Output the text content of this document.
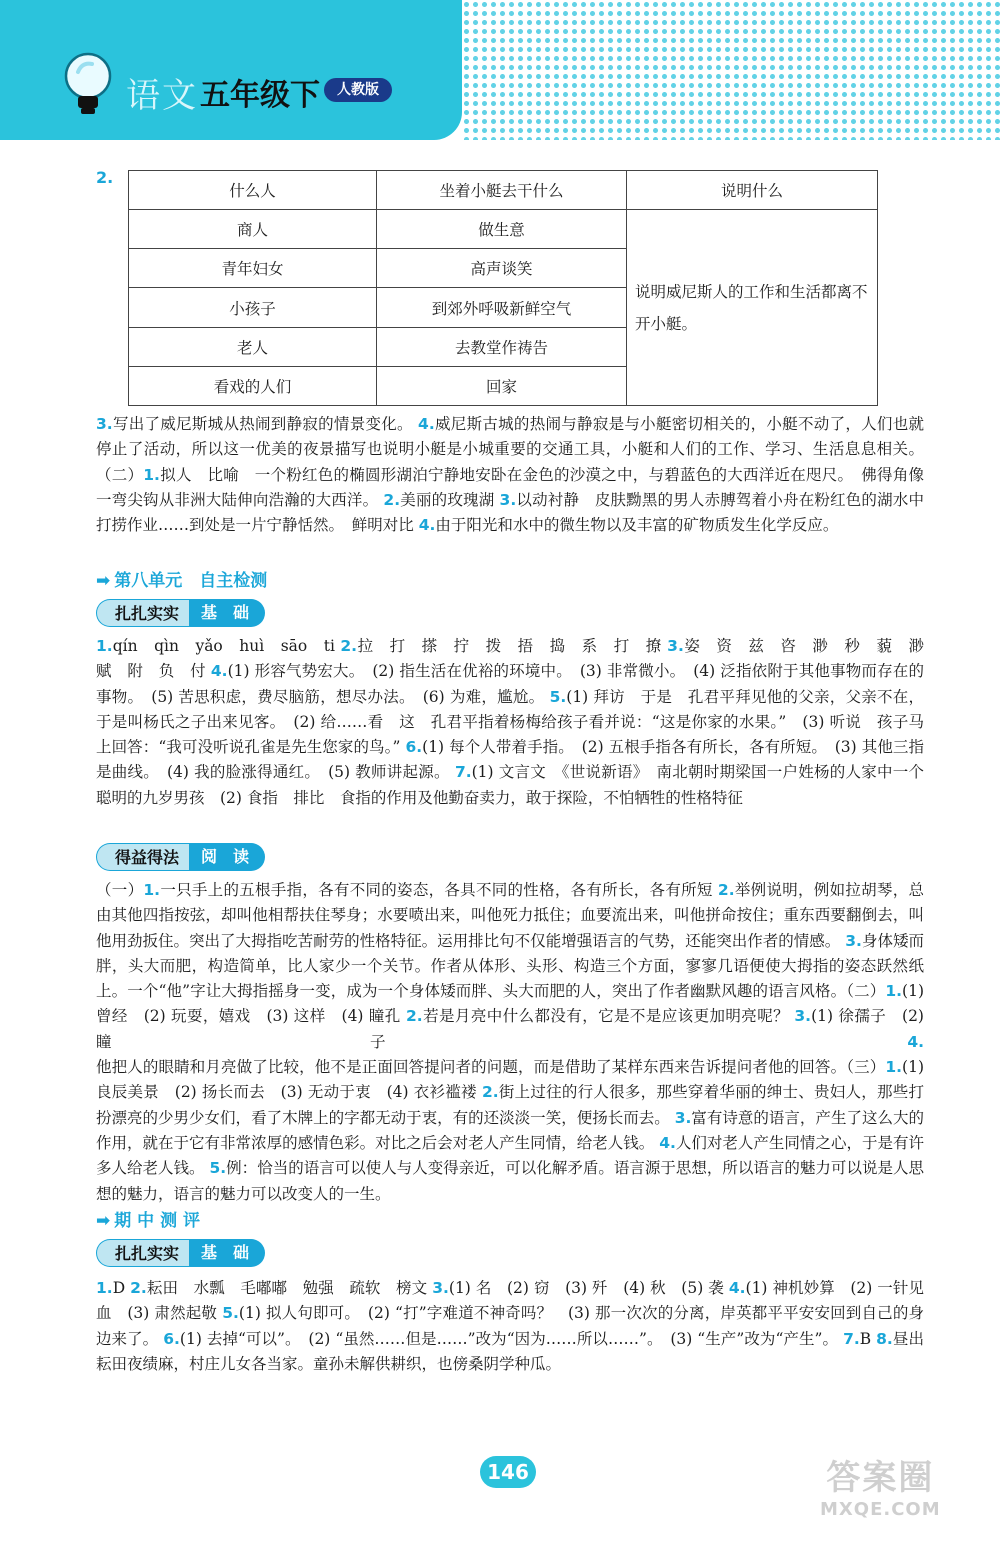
语文 五年级下	人教版
2.
什么人	坐着小艇去干什么	说明什么
商人	做生意	说明威尼斯人的工作和生活都离不开小艇。
青年妇女	高声谈笑	
小孩子	到郊外呼吸新鲜空气	
老人	去教堂作祷告	
看戏的人们	回家	
3.写出了威尼斯城从热闹到静寂的情景变化。 4.威尼斯古城的热闹与静寂是与小艇密切相关的，小艇不动了，人们也就停止了活动，所以这一优美的夜景描写也说明小艇是小城重要的交通工具，小艇和人们的工作、学习、生活息息相关。（二）1.拟人　比喻　一个粉红色的椭圆形湖泊宁静地安卧在金色的沙漠之中，与碧蓝色的大西洋近在咫尺。　佛得角像一弯尖钩从非洲大陆伸向浩瀚的大西洋。 2.美丽的玫瑰湖 3.以动衬静　皮肤黝黑的男人赤膊驾着小舟在粉红色的湖水中打捞作业……到处是一片宁静恬然。　鲜明对比 4.由于阳光和水中的微生物以及丰富的矿物质发生化学反应。
➡ 第八单元　自主检测
扎扎实实	基　础
1.qín　qìn　yǎo　huì　sāo　ti 2.拉　打　搽　拧　拨　捂　捣　系　打　撩 3.姿　资　兹　咨　渺　秒　藐　渺　赋　附　负　付 4.(1) 形容气势宏大。　(2) 指生活在优裕的环境中。　(3) 非常微小。　(4) 泛指依附于其他事物而存在的事物。　(5) 苦思积虑，费尽脑筋，想尽办法。　(6) 为难，尴尬。 5.(1) 拜访　于是　孔君平拜见他的父亲，父亲不在，于是叫杨氏之子出来见客。　(2) 给……看　这　孔君平指着杨梅给孩子看并说：“这是你家的水果。”　(3) 听说　孩子马上回答：“我可没听说孔雀是先生您家的鸟。” 6.(1) 每个人带着手指。　(2) 五根手指各有所长，各有所短。　(3) 其他三指是曲线。　(4) 我的脸涨得通红。　(5) 教师讲起源。 7.(1) 文言文　《世说新语》　南北朝时期梁国一户姓杨的人家中一个聪明的九岁男孩　(2) 食指　排比　食指的作用及他勤奋卖力，敢于探险，不怕牺牲的性格特征
得益得法	阅　读
（一）1.一只手上的五根手指，各有不同的姿态，各具不同的性格，各有所长，各有所短 2.举例说明，例如拉胡琴，总由其他四指按弦，却叫他相帮扶住琴身；水要喷出来，叫他死力抵住；血要流出来，叫他拼命按住；重东西要翻倒去，叫他用劲扳住。突出了大拇指吃苦耐劳的性格特征。运用排比句不仅能增强语言的气势，还能突出作者的情感。 3.身体矮而胖，头大而肥，构造简单，比人家少一个关节。作者从体形、头形、构造三个方面，寥寥几语便使大拇指的姿态跃然纸上。一个“他”字让大拇指摇身一变，成为一个身体矮而胖、头大而肥的人，突出了作者幽默风趣的语言风格。（二）1.(1) 曾经　(2) 玩耍，嬉戏　(3) 这样　(4) 瞳孔 2.若是月亮中什么都没有，它是不是应该更加明亮呢？ 3.(1) 徐孺子　(2) 瞳子	4.他把人的眼睛和月亮做了比较，他不是正面回答提问者的问题，而是借助了某样东西来告诉提问者他的回答。（三）1.(1) 良辰美景　(2) 扬长而去　(3) 无动于衷　(4) 衣衫褴褛 2.街上过往的行人很多，那些穿着华丽的绅士、贵妇人，那些打扮漂亮的少男少女们，看了木牌上的字都无动于衷，有的还淡淡一笑，便扬长而去。 3.富有诗意的语言，产生了这么大的作用，就在于它有非常浓厚的感情色彩。对比之后会对老人产生同情，给老人钱。 4.人们对老人产生同情之心，于是有许多人给老人钱。 5.例：恰当的语言可以使人与人变得亲近，可以化解矛盾。语言源于思想，所以语言的魅力可以说是人思想的魅力，语言的魅力可以改变人的一生。
➡ 期 中 测 评
扎扎实实	基　础
1.D 2.耘田　水瓢　毛嘟嘟　勉强　疏软　榜文 3.(1) 名　(2) 窃　(3) 歼　(4) 秋　(5) 袭 4.(1) 神机妙算　(2) 一针见血　(3) 肃然起敬 5.(1) 拟人句即可。　(2) “打”字难道不神奇吗？　(3) 那一次次的分离，岸英都平平安安回到自己的身边来了。 6.(1) 去掉“可以”。　(2) “虽然……但是……”改为“因为……所以……”。　(3) “生产”改为“产生”。 7.B 8.昼出耘田夜绩麻，村庄儿女各当家。童孙未解供耕织，也傍桑阴学种瓜。
146	答案圈
MXQE.COM
